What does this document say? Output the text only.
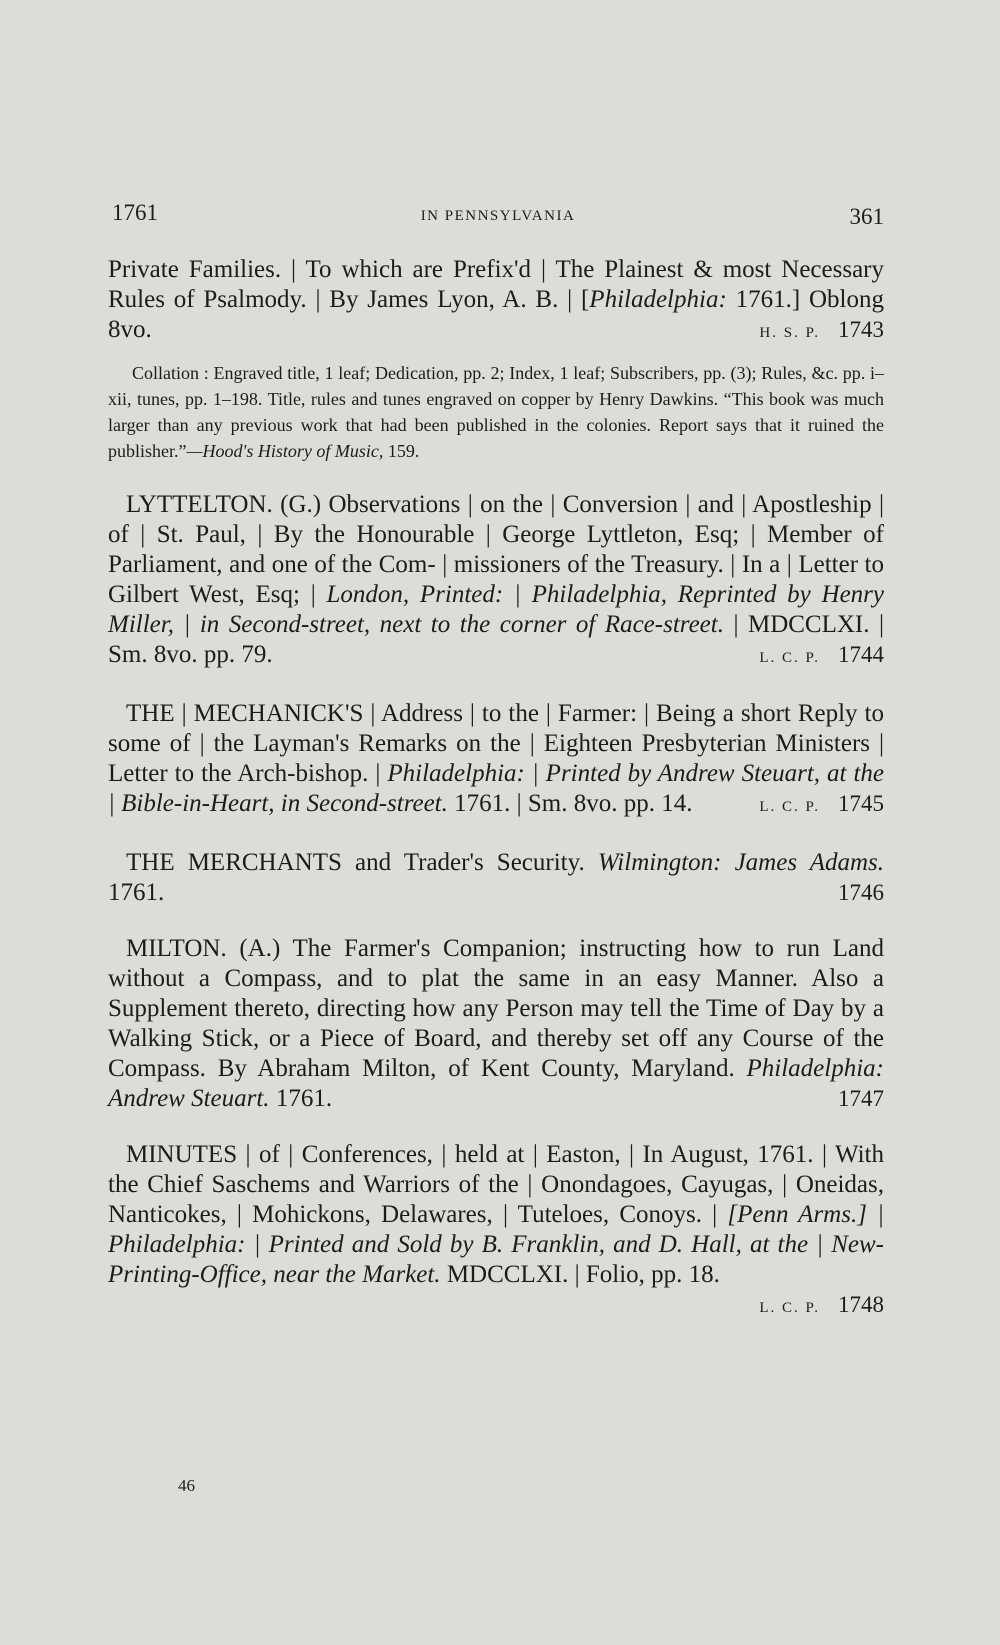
1761	IN PENNSYLVANIA	361
Private Families. | To which are Prefix'd | The Plainest & most Necessary Rules of Psalmody. | By James Lyon, A. B. | [Philadelphia: 1761.] Oblong 8vo.	H. S. P. 1743
Collation : Engraved title, 1 leaf; Dedication, pp. 2; Index, 1 leaf; Subscribers, pp. (3); Rules, &c. pp. i–xii, tunes, pp. 1–198. Title, rules and tunes engraved on copper by Henry Dawkins. “This book was much larger than any previous work that had been published in the colonies. Report says that it ruined the publisher.”—Hood's History of Music, 159.
LYTTELTON. (G.) Observations | on the | Conversion | and | Apostleship | of | St. Paul, | By the Honourable | George Lyttleton, Esq; | Member of Parliament, and one of the Com- | missioners of the Treasury. | In a | Letter to Gilbert West, Esq; | London, Printed: | Philadelphia, Reprinted by Henry Miller, | in Second-street, next to the corner of Race-street. | MDCCLXI. | Sm. 8vo. pp. 79.	L. C. P. 1744
THE | MECHANICK'S | Address | to the | Farmer: | Being a short Reply to some of | the Layman's Remarks on the | Eighteen Presbyterian Ministers | Letter to the Arch-bishop. | Philadelphia: | Printed by Andrew Steuart, at the | Bible-in-Heart, in Second-street. 1761. | Sm. 8vo. pp. 14.	L. C. P. 1745
THE MERCHANTS and Trader's Security. Wilmington: James Adams. 1761.	1746
MILTON. (A.) The Farmer's Companion; instructing how to run Land without a Compass, and to plat the same in an easy Manner. Also a Supplement thereto, directing how any Person may tell the Time of Day by a Walking Stick, or a Piece of Board, and thereby set off any Course of the Compass. By Abraham Milton, of Kent County, Maryland. Philadelphia: Andrew Steuart. 1761.	1747
MINUTES | of | Conferences, | held at | Easton, | In August, 1761. | With the Chief Saschems and Warriors of the | Onondagoes, Cayugas, | Oneidas, Nanticokes, | Mohickons, Delawares, | Tuteloes, Conoys. | [Penn Arms.] | Philadelphia: | Printed and Sold by B. Franklin, and D. Hall, at the | New-Printing-Office, near the Market. MDCCLXI. | Folio, pp. 18.
L. C. P. 1748
46
